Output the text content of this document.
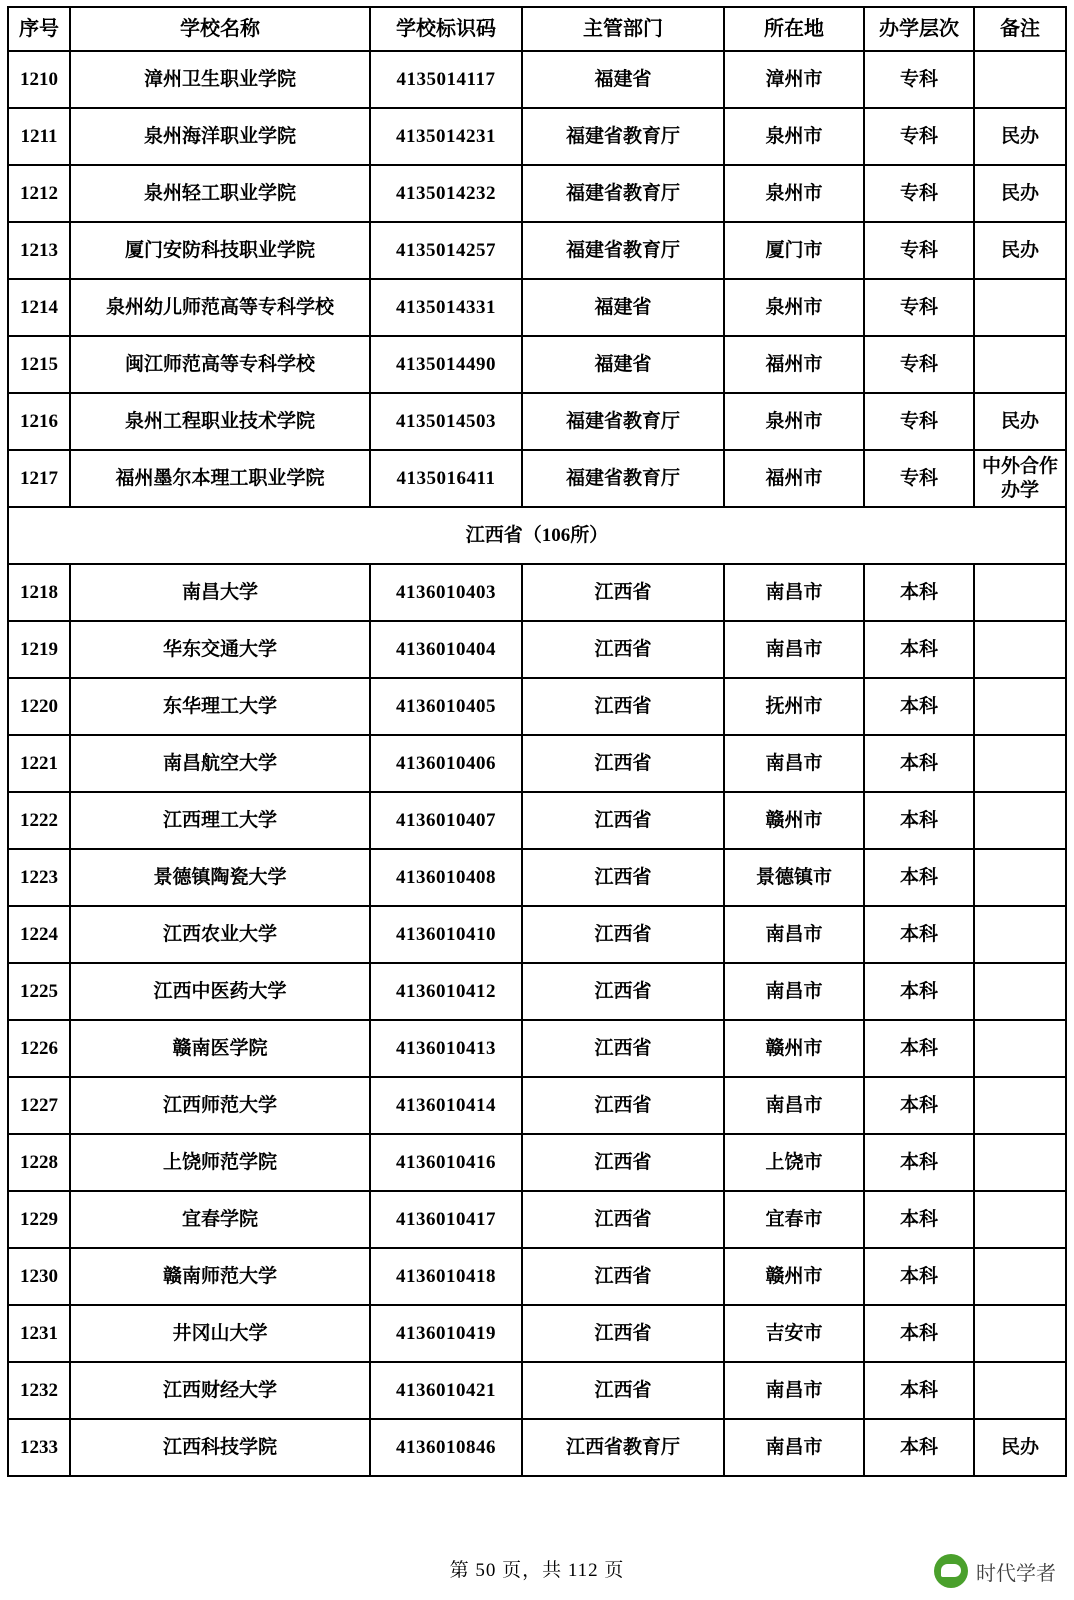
序号	学校名称	学校标识码	主管部门	所在地	办学层次	备注
1210	漳州卫生职业学院	4135014117	福建省	漳州市	专科	
1211	泉州海洋职业学院	4135014231	福建省教育厅	泉州市	专科	民办
1212	泉州轻工职业学院	4135014232	福建省教育厅	泉州市	专科	民办
1213	厦门安防科技职业学院	4135014257	福建省教育厅	厦门市	专科	民办
1214	泉州幼儿师范高等专科学校	4135014331	福建省	泉州市	专科	
1215	闽江师范高等专科学校	4135014490	福建省	福州市	专科	
1216	泉州工程职业技术学院	4135014503	福建省教育厅	泉州市	专科	民办
1217	福州墨尔本理工职业学院	4135016411	福建省教育厅	福州市	专科	中外合作办学
江西省（106所）						
1218	南昌大学	4136010403	江西省	南昌市	本科	
1219	华东交通大学	4136010404	江西省	南昌市	本科	
1220	东华理工大学	4136010405	江西省	抚州市	本科	
1221	南昌航空大学	4136010406	江西省	南昌市	本科	
1222	江西理工大学	4136010407	江西省	赣州市	本科	
1223	景德镇陶瓷大学	4136010408	江西省	景德镇市	本科	
1224	江西农业大学	4136010410	江西省	南昌市	本科	
1225	江西中医药大学	4136010412	江西省	南昌市	本科	
1226	赣南医学院	4136010413	江西省	赣州市	本科	
1227	江西师范大学	4136010414	江西省	南昌市	本科	
1228	上饶师范学院	4136010416	江西省	上饶市	本科	
1229	宜春学院	4136010417	江西省	宜春市	本科	
1230	赣南师范大学	4136010418	江西省	赣州市	本科	
1231	井冈山大学	4136010419	江西省	吉安市	本科	
1232	江西财经大学	4136010421	江西省	南昌市	本科	
1233	江西科技学院	4136010846	江西省教育厅	南昌市	本科	民办
第 50 页，共 112 页	时代学者
